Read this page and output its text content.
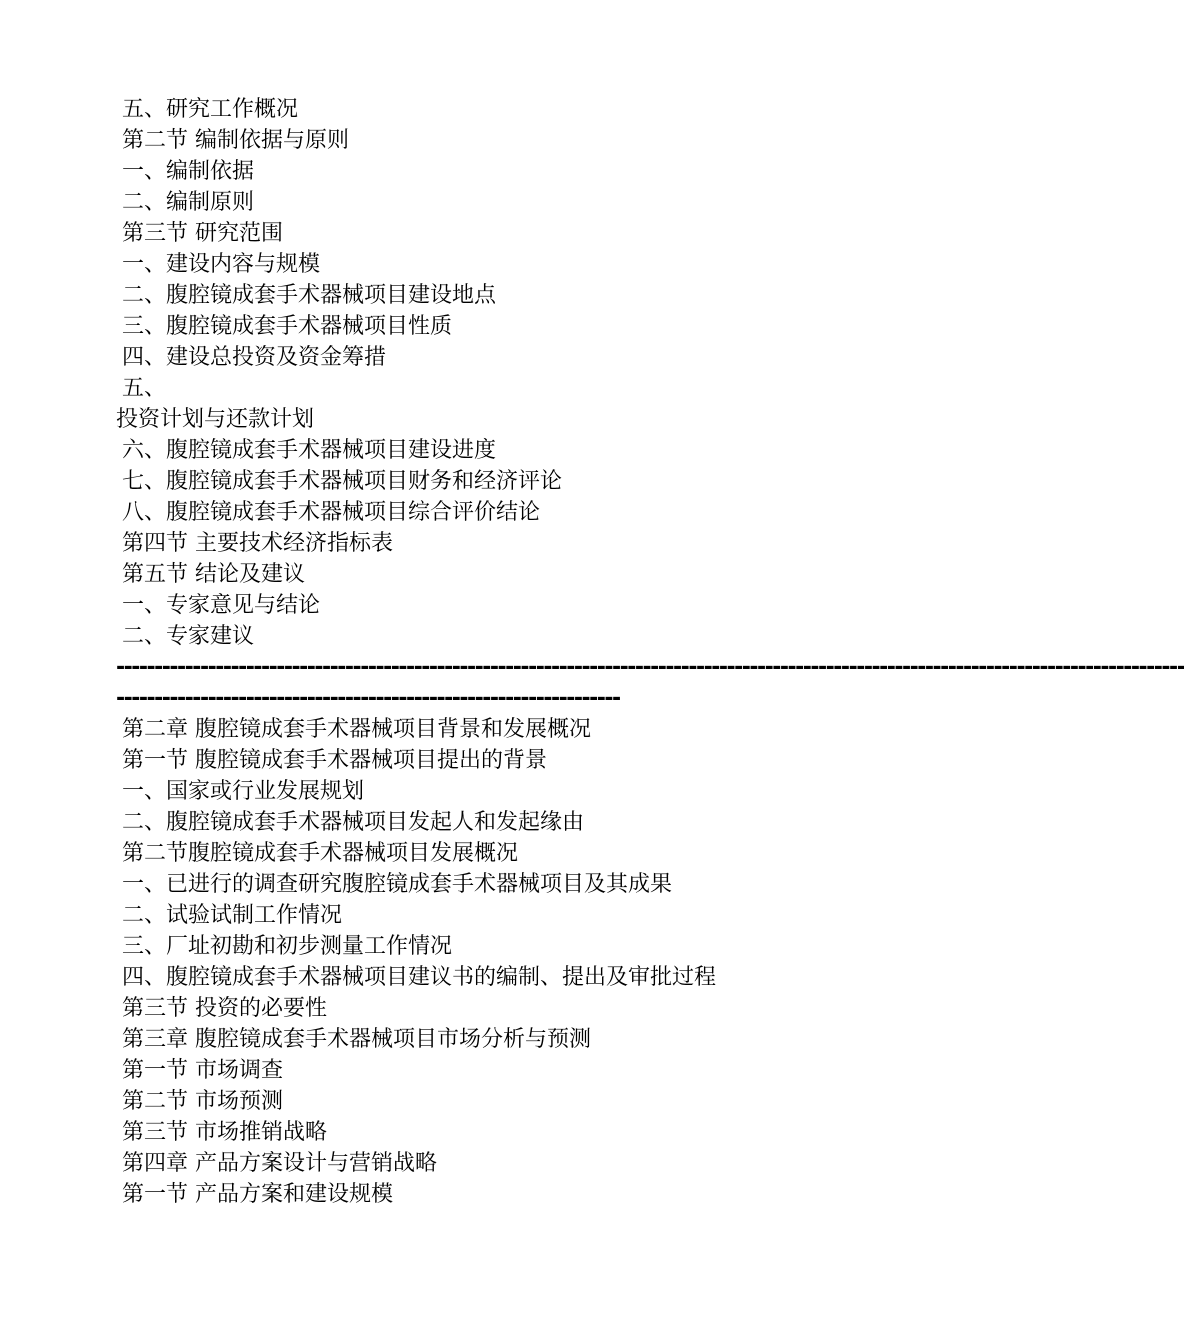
五、研究工作概况
第二节 编制依据与原则
一、编制依据
二、编制原则
第三节 研究范围
一、建设内容与规模
二、腹腔镜成套手术器械项目建设地点
三、腹腔镜成套手术器械项目性质
四、建设总投资及资金筹措
五、
投资计划与还款计划
六、腹腔镜成套手术器械项目建设进度
七、腹腔镜成套手术器械项目财务和经济评论
八、腹腔镜成套手术器械项目综合评价结论
第四节 主要技术经济指标表
第五节 结论及建议
一、专家意见与结论
二、专家建议
--------------------------------------------------------------------------------------------------------------------------------------------
------------------------------------------------------------------
第二章 腹腔镜成套手术器械项目背景和发展概况
第一节 腹腔镜成套手术器械项目提出的背景
一、国家或行业发展规划
二、腹腔镜成套手术器械项目发起人和发起缘由
第二节腹腔镜成套手术器械项目发展概况
一、已进行的调查研究腹腔镜成套手术器械项目及其成果
二、试验试制工作情况
三、厂址初勘和初步测量工作情况
四、腹腔镜成套手术器械项目建议书的编制、提出及审批过程
第三节 投资的必要性
第三章 腹腔镜成套手术器械项目市场分析与预测
第一节 市场调查
第二节 市场预测
第三节 市场推销战略
第四章 产品方案设计与营销战略
第一节 产品方案和建设规模
